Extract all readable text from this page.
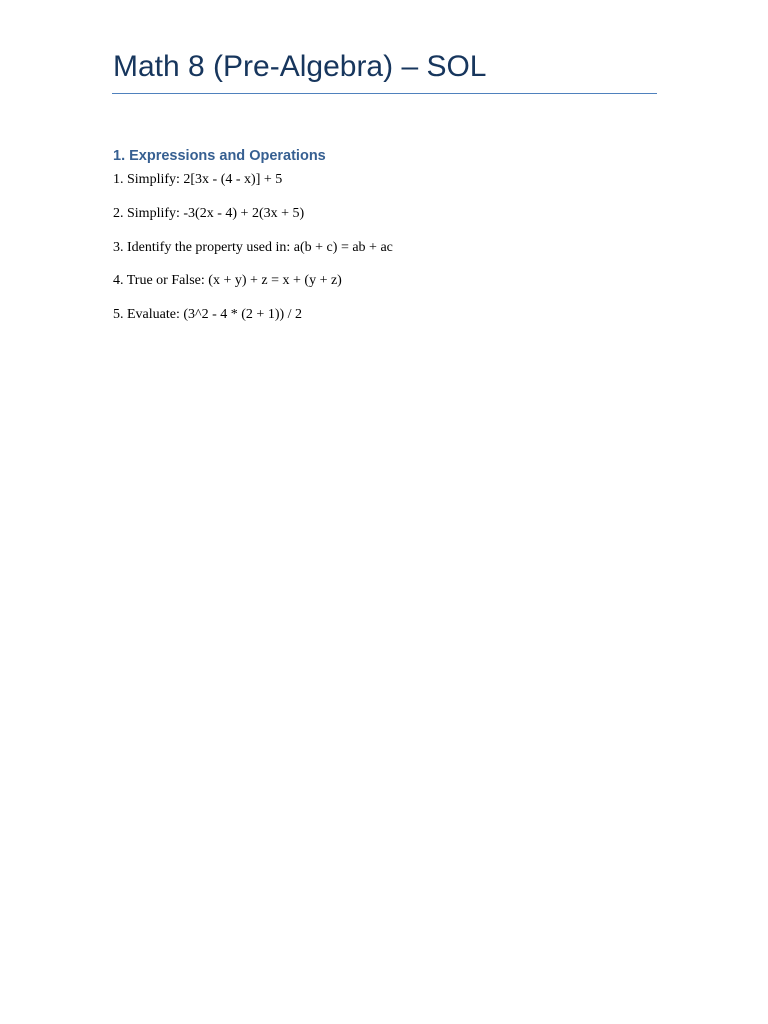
Math 8 (Pre-Algebra) – SOL
1. Expressions and Operations
1. Simplify: 2[3x - (4 - x)] + 5
2. Simplify: -3(2x - 4) + 2(3x + 5)
3. Identify the property used in: a(b + c) = ab + ac
4. True or False: (x + y) + z = x + (y + z)
5. Evaluate: (3^2 - 4 * (2 + 1)) / 2
